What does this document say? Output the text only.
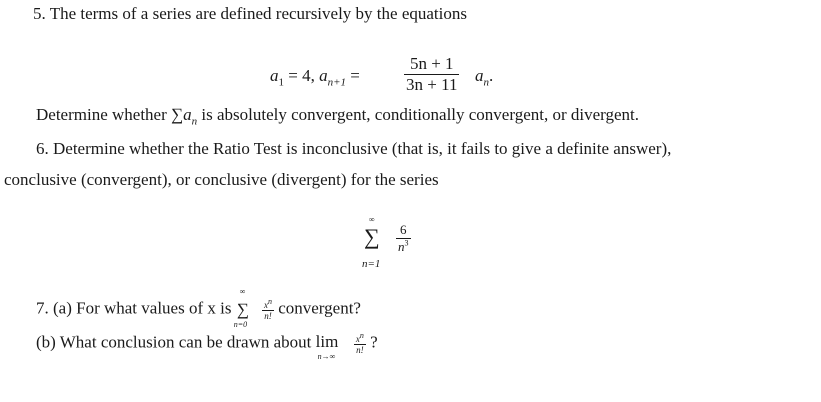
5. The terms of a series are defined recursively by the equations
$a_1 = 4$, $a_{n+1}$ =	$\frac{5n + 1}{3n + 11} a_n$.
Determine whether $\sum a_n$ is absolutely convergent, conditionally convergent, or divergent.
6. Determine whether the Ratio Test is inconclusive (that is, it fails to give a definite answer),
conclusive (convergent), or conclusive (divergent) for the series
∞
∑
n=1
$\frac{6}{n^3}$
7. (a) For what values of x is
∞
∑
n=0

$\frac{x^n}{n!}$ convergent?
(b) What conclusion can be drawn about lim
n→∞

$\frac{x^n}{n!}$ ?
